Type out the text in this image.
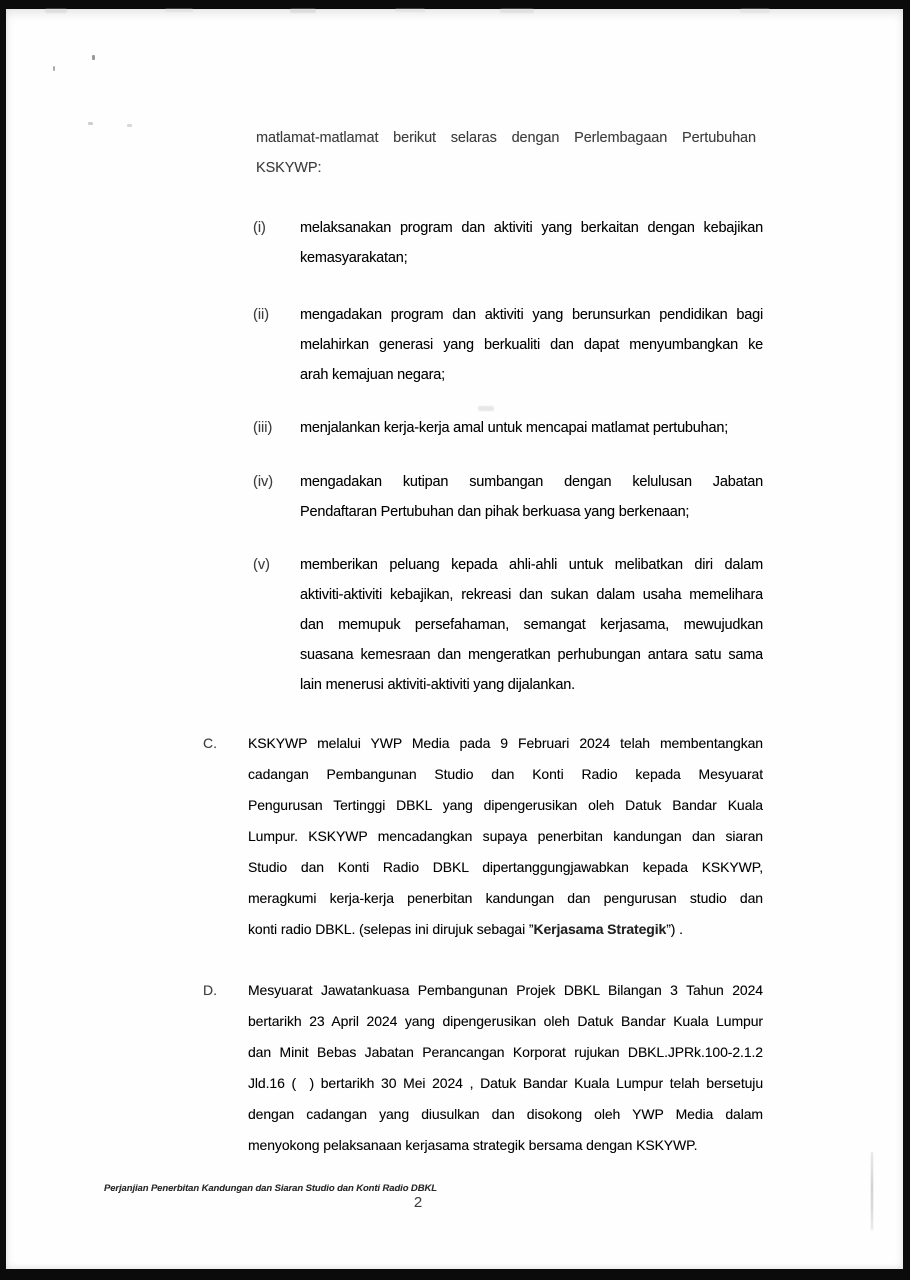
matlamat-matlamat berikut selaras dengan Perlembagaan Pertubuhan
KSKYWP:
(i)	melaksanakan program dan aktiviti yang berkaitan dengan kebajikan
kemasyarakatan;
(ii)	mengadakan program dan aktiviti yang berunsurkan pendidikan bagi
melahirkan generasi yang berkualiti dan dapat menyumbangkan ke
arah kemajuan negara;
(iii)	menjalankan kerja-kerja amal untuk mencapai matlamat pertubuhan;
(iv)	mengadakan kutipan sumbangan dengan kelulusan Jabatan
Pendaftaran Pertubuhan dan pihak berkuasa yang berkenaan;
(v)	memberikan peluang kepada ahli-ahli untuk melibatkan diri dalam
aktiviti-aktiviti kebajikan, rekreasi dan sukan dalam usaha memelihara
dan memupuk persefahaman, semangat kerjasama, mewujudkan
suasana kemesraan dan mengeratkan perhubungan antara satu sama
lain menerusi aktiviti-aktiviti yang dijalankan.
C.	KSKYWP melalui YWP Media pada 9 Februari 2024 telah membentangkan
cadangan Pembangunan Studio dan Konti Radio kepada Mesyuarat
Pengurusan Tertinggi DBKL yang dipengerusikan oleh Datuk Bandar Kuala
Lumpur. KSKYWP mencadangkan supaya penerbitan kandungan dan siaran
Studio dan Konti Radio DBKL dipertanggungjawabkan kepada KSKYWP,
meragkumi kerja-kerja penerbitan kandungan dan pengurusan studio dan
konti radio DBKL. (selepas ini dirujuk sebagai ”Kerjasama Strategik”) .
D.	Mesyuarat Jawatankuasa Pembangunan Projek DBKL Bilangan 3 Tahun 2024
bertarikh 23 April 2024 yang dipengerusikan oleh Datuk Bandar Kuala Lumpur
dan Minit Bebas Jabatan Perancangan Korporat rujukan DBKL.JPRk.100-2.1.2
Jld.16 (  ) bertarikh 30 Mei 2024 , Datuk Bandar Kuala Lumpur telah bersetuju
dengan cadangan yang diusulkan dan disokong oleh YWP Media dalam
menyokong pelaksanaan kerjasama strategik bersama dengan KSKYWP.
Perjanjian Penerbitan Kandungan dan Siaran Studio dan Konti Radio DBKL
2
